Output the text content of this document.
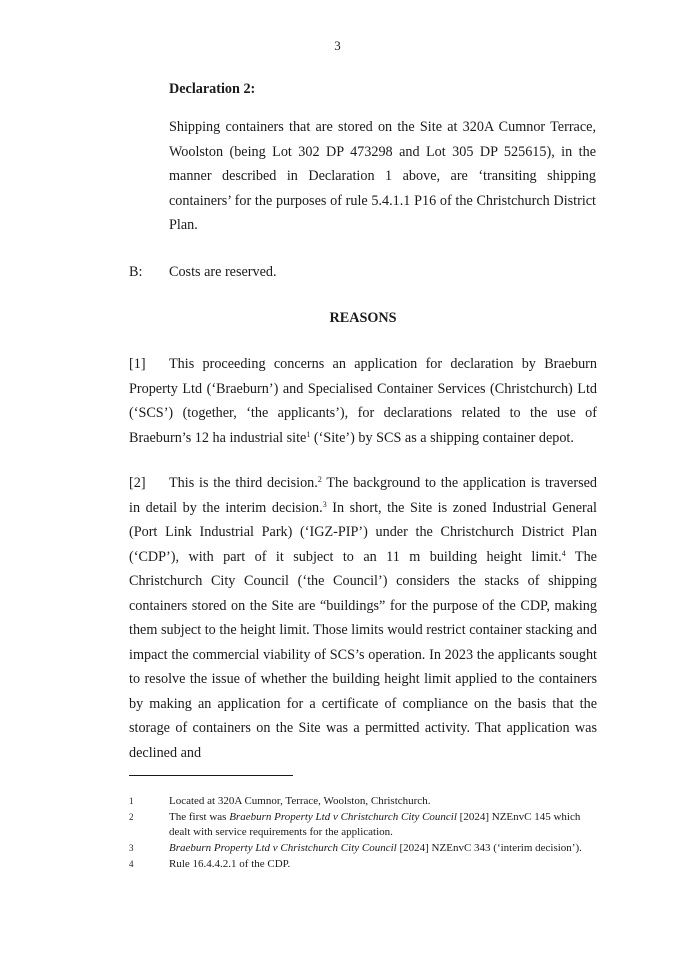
3
Declaration 2:
Shipping containers that are stored on the Site at 320A Cumnor Terrace, Woolston (being Lot 302 DP 473298 and Lot 305 DP 525615), in the manner described in Declaration 1 above, are ‘transiting shipping containers’ for the purposes of rule 5.4.1.1 P16 of the Christchurch District Plan.
B: Costs are reserved.
REASONS
[1] This proceeding concerns an application for declaration by Braeburn Property Ltd (‘Braeburn’) and Specialised Container Services (Christchurch) Ltd (‘SCS’) (together, ‘the applicants’), for declarations related to the use of Braeburn’s 12 ha industrial site$^1$ (‘Site’) by SCS as a shipping container depot.
[2] This is the third decision.$^2$ The background to the application is traversed in detail by the interim decision.$^3$ In short, the Site is zoned Industrial General (Port Link Industrial Park) (‘IGZ-PIP’) under the Christchurch District Plan (‘CDP’), with part of it subject to an 11 m building height limit.$^4$ The Christchurch City Council (‘the Council’) considers the stacks of shipping containers stored on the Site are “buildings” for the purpose of the CDP, making them subject to the height limit. Those limits would restrict container stacking and impact the commercial viability of SCS’s operation. In 2023 the applicants sought to resolve the issue of whether the building height limit applied to the containers by making an application for a certificate of compliance on the basis that the storage of containers on the Site was a permitted activity. That application was declined and
1	Located at 320A Cumnor, Terrace, Woolston, Christchurch.
2	The first was Braeburn Property Ltd v Christchurch City Council [2024] NZEnvC 145 which dealt with service requirements for the application.
3	Braeburn Property Ltd v Christchurch City Council [2024] NZEnvC 343 (‘interim decision’).
4	Rule 16.4.4.2.1 of the CDP.
